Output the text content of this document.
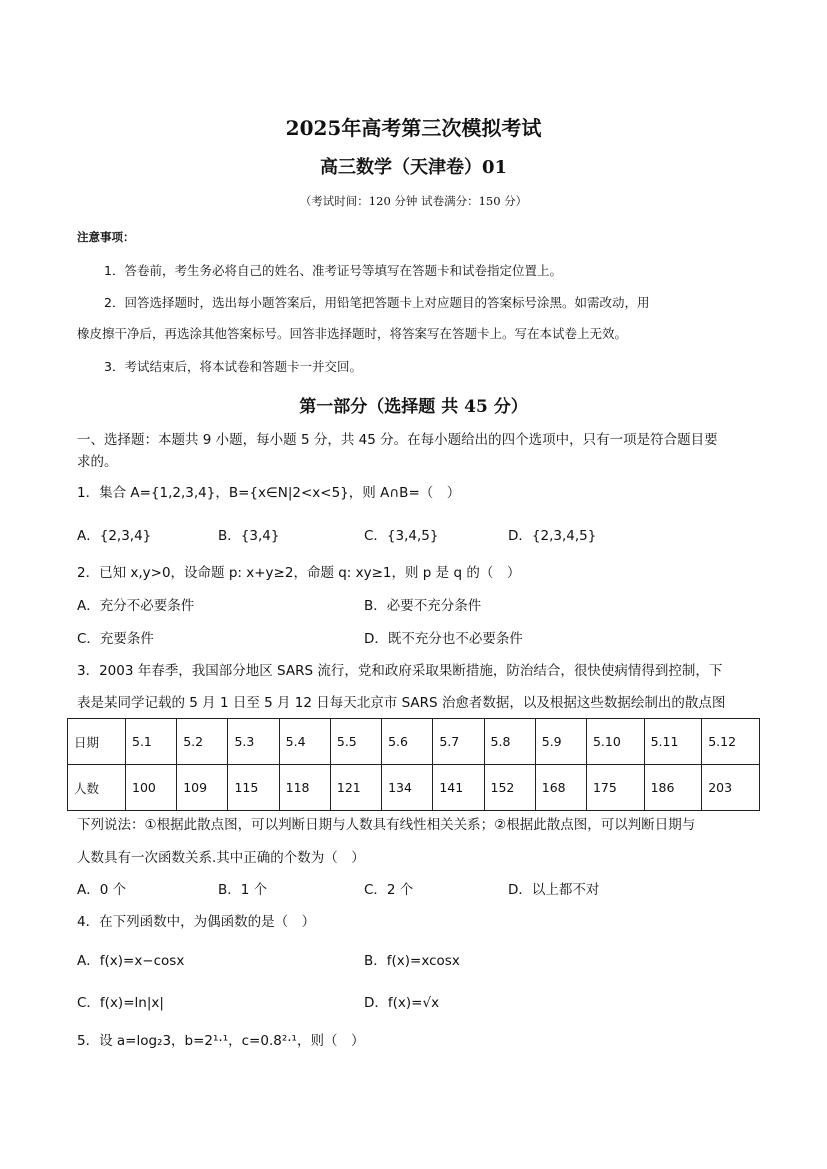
2025年高考第三次模拟考试
高三数学（天津卷）01
（考试时间：120 分钟 试卷满分：150 分）
注意事项：
1．答卷前，考生务必将自己的姓名、准考证号等填写在答题卡和试卷指定位置上。
2．回答选择题时，选出每小题答案后，用铅笔把答题卡上对应题目的答案标号涂黑。如需改动，用
橡皮擦干净后，再选涂其他答案标号。回答非选择题时，将答案写在答题卡上。写在本试卷上无效。
3．考试结束后，将本试卷和答题卡一并交回。
第一部分（选择题 共 45 分）
一、选择题：本题共 9 小题，每小题 5 分，共 45 分。在每小题给出的四个选项中，只有一项是符合题目要
求的。
1．集合 A={1,2,3,4}，B={x∈N|2<x<5}，则 A∩B=（　）
A．{2,3,4}	B．{3,4}	C．{3,4,5}	D．{2,3,4,5}
2．已知 x,y>0，设命题 p: x+y≥2，命题 q: xy≥1，则 p 是 q 的（　）
A．充分不必要条件	B．必要不充分条件
C．充要条件	D．既不充分也不必要条件
3．2003 年春季，我国部分地区 SARS 流行，党和政府采取果断措施，防治结合，很快使病情得到控制，下
表是某同学记载的 5 月 1 日至 5 月 12 日每天北京市 SARS 治愈者数据，以及根据这些数据绘制出的散点图
日期	5.1	5.2	5.3	5.4	5.5	5.6	5.7	5.8	5.9	5.10	5.11	5.12
人数	100	109	115	118	121	134	141	152	168	175	186	203
下列说法：①根据此散点图，可以判断日期与人数具有线性相关关系；②根据此散点图，可以判断日期与
人数具有一次函数关系.其中正确的个数为（　）
A．0 个	B．1 个	C．2 个	D．以上都不对
4．在下列函数中，为偶函数的是（　）
A．f(x)=x−cosx	B．f(x)=xcosx
C．f(x)=ln|x|	D．f(x)=√x
5．设 a=log₂3，b=2¹·¹，c=0.8²·¹，则（　）
